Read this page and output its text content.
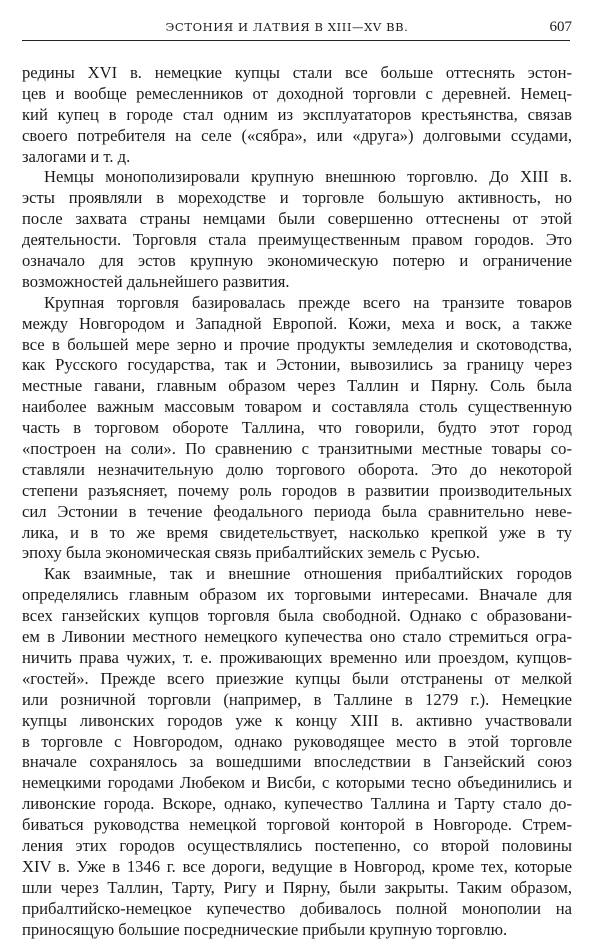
ЭСТОНИЯ И ЛАТВИЯ В XIII—XV ВВ.	607
редины XVI в. немецкие купцы стали все больше оттеснять эстон-
цев и вообще ремесленников от доходной торговли с деревней. Немец-
кий купец в городе стал одним из эксплуататоров крестьянства, связав
своего потребителя на селе («сябра», или «друга») долговыми ссудами,
залогами и т. д.
Немцы монополизировали крупную внешнюю торговлю. До XIII в.
эсты проявляли в мореходстве и торговле большую активность, но
после захвата страны немцами были совершенно оттеснены от этой
деятельности. Торговля стала преимущественным правом городов. Это
означало для эстов крупную экономическую потерю и ограничение
возможностей дальнейшего развития.
Крупная торговля базировалась прежде всего на транзите товаров
между Новгородом и Западной Европой. Кожи, меха и воск, а также
все в большей мере зерно и прочие продукты земледелия и скотоводства,
как Русского государства, так и Эстонии, вывозились за границу через
местные гавани, главным образом через Таллин и Пярну. Соль была
наиболее важным массовым товаром и составляла столь существенную
часть в торговом обороте Таллина, что говорили, будто этот город
«построен на соли». По сравнению с транзитными местные товары со-
ставляли незначительную долю торгового оборота. Это до некоторой
степени разъясняет, почему роль городов в развитии производительных
сил Эстонии в течение феодального периода была сравнительно неве-
лика, и в то же время свидетельствует, насколько крепкой уже в ту
эпоху была экономическая связь прибалтийских земель с Русью.
Как взаимные, так и внешние отношения прибалтийских городов
определялись главным образом их торговыми интересами. Вначале для
всех ганзейских купцов торговля была свободной. Однако с образовани-
ем в Ливонии местного немецкого купечества оно стало стремиться огра-
ничить права чужих, т. е. проживающих временно или проездом, купцов-
«гостей». Прежде всего приезжие купцы были отстранены от мелкой
или розничной торговли (например, в Таллине в 1279 г.). Немецкие
купцы ливонских городов уже к концу XIII в. активно участвовали
в торговле с Новгородом, однако руководящее место в этой торговле
вначале сохранялось за вошедшими впоследствии в Ганзейский союз
немецкими городами Любеком и Висби, с которыми тесно объединились и
ливонские города. Вскоре, однако, купечество Таллина и Тарту стало до-
биваться руководства немецкой торговой конторой в Новгороде. Стрем-
ления этих городов осуществлялись постепенно, со второй половины
XIV в. Уже в 1346 г. все дороги, ведущие в Новгород, кроме тех, которые
шли через Таллин, Тарту, Ригу и Пярну, были закрыты. Таким образом,
прибалтийско-немецкое купечество добивалось полной монополии на
приносящую большие посреднические прибыли крупную торговлю.
